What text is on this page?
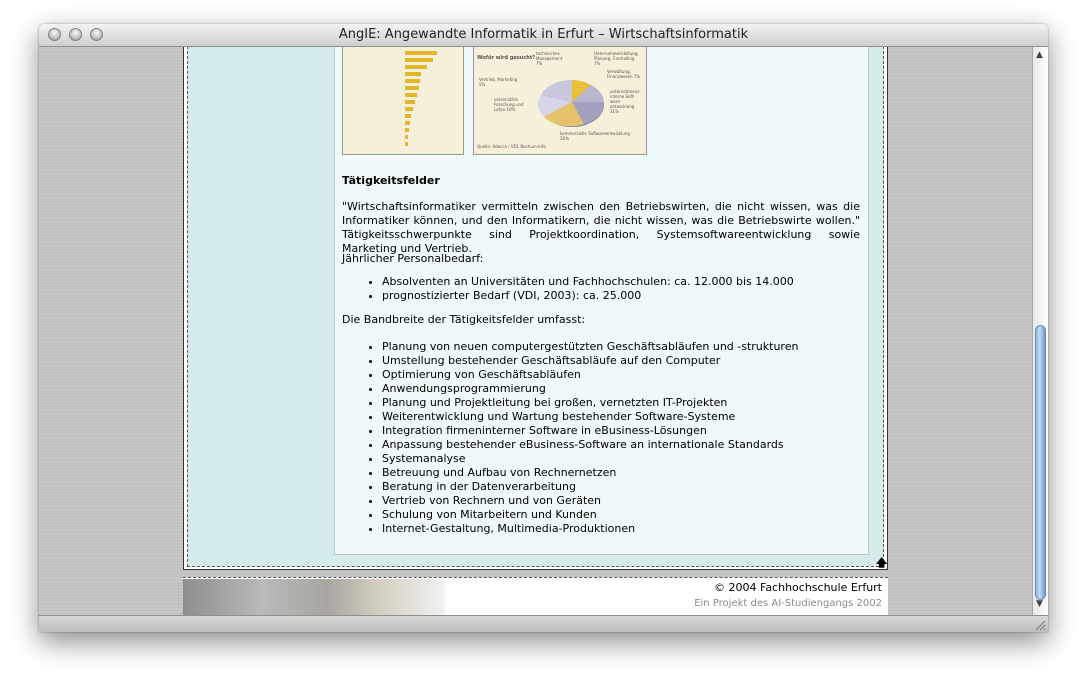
AngIE: Angewandte Informatik in Erfurt – Wirtschaftsinformatik
Wofür wird gesucht?
technisches Management 7%
Unternehmensleitung, Planung, Controlling 7%
Verwaltung, Finanzwesen 7%
unternehmens-interne Soft-ware-entwicklung 31%
kommerzielle Softwareentwicklung 26%
universitäre Forschung und Lehre 10%
Vertrieb, Marketing 5%
Quelle: Adecco / VDI, Bochum-Info
Tätigkeitsfelder

"Wirtschaftsinformatiker vermitteln zwischen den Betriebswirten, die nicht wissen, was die Informatiker können, und den Informatikern, die nicht wissen, was die Betriebswirte wollen." Tätigkeitsschwerpunkte sind Projektkoordination, Systemsoftwareentwicklung sowie Marketing und Vertrieb.

Jährlicher Personalbedarf:

• Absolventen an Universitäten und Fachhochschulen: ca. 12.000 bis 14.000
• prognostizierter Bedarf (VDI, 2003): ca. 25.000

Die Bandbreite der Tätigkeitsfelder umfasst:

• Planung von neuen computergestützten Geschäftsabläufen und -strukturen
• Umstellung bestehender Geschäftsabläufe auf den Computer
• Optimierung von Geschäftsabläufen
• Anwendungsprogrammierung
• Planung und Projektleitung bei großen, vernetzten IT-Projekten
• Weiterentwicklung und Wartung bestehender Software-Systeme
• Integration firmeninterner Software in eBusiness-Lösungen
• Anpassung bestehender eBusiness-Software an internationale Standards
• Systemanalyse
• Betreuung und Aufbau von Rechnernetzen
• Beratung in der Datenverarbeitung
• Vertrieb von Rechnern und von Geräten
• Schulung von Mitarbeitern und Kunden
• Internet-Gestaltung, Multimedia-Produktionen
🡅
© 2004 Fachhochschule Erfurt
Ein Projekt des AI-Studiengangs 2002
▲
▼
